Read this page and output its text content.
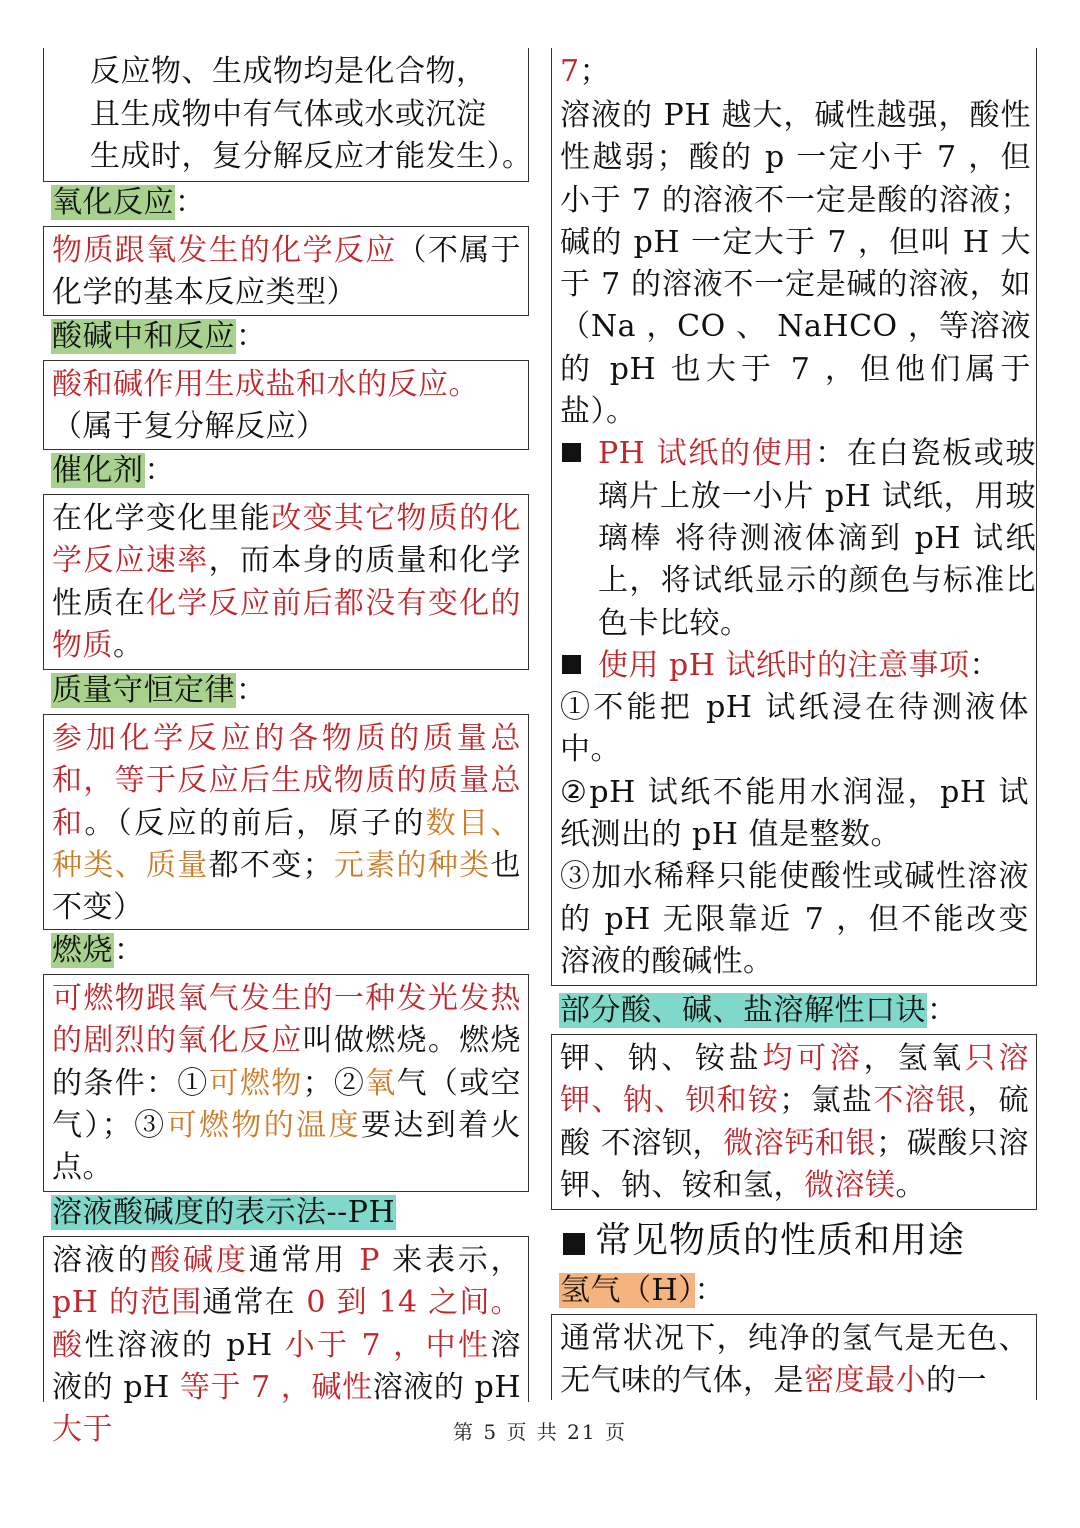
反应物、生成物均是化合物，
且生成物中有气体或水或沉淀
生成时，复分解反应才能发生）。
氧化反应：
物质跟氧发生的化学反应（不属于化学的基本反应类型）
酸碱中和反应：
酸和碱作用生成盐和水的反应。
（属于复分解反应）
催化剂：
在化学变化里能改变其它物质的化学反应速率，而本身的质量和化学性质在化学反应前后都没有变化的物质。
质量守恒定律：
参加化学反应的各物质的质量总和，等于反应后生成物质的质量总和。（反应的前后，原子的数目、种类、质量都不变；元素的种类也不变）
燃烧：
可燃物跟氧气发生的一种发光发热的剧烈的氧化反应叫做燃烧。燃烧的条件：①可燃物；②氧气（或空气）；③可燃物的温度要达到着火点。
溶液酸碱度的表示法--PH
溶液的酸碱度通常用 P 来表示，pH 的范围通常在 0 到 14 之间。酸性溶液的 pH 小于 7 ，中性溶液的 pH 等于 7 ，碱性溶液的 pH 大于
7；
溶液的 PH 越大，碱性越强，酸性性越弱；酸的 p 一定小于 7 ，但小于 7 的溶液不一定是酸的溶液；碱的 pH 一定大于 7 ，但叫 H 大于 7 的溶液不一定是碱的溶液，如（Na ，CO 、 NaHCO ，等溶液的 pH 也大于 7 ，但他们属于盐）。
PH 试纸的使用：在白瓷板或玻璃片上放一小片 pH 试纸，用玻璃棒 将待测液体滴到 pH 试纸上，将试纸显示的颜色与标准比色卡比较。
使用 pH 试纸时的注意事项：
①不能把 pH 试纸浸在待测液体中。
②pH 试纸不能用水润湿，pH 试纸测出的 pH 值是整数。
③加水稀释只能使酸性或碱性溶液的 pH 无限靠近 7 ，但不能改变溶液的酸碱性。
部分酸、碱、盐溶解性口诀：
钾、钠、铵盐均可溶，氢氧只溶钾、钠、钡和铵；氯盐不溶银，硫酸 不溶钡，微溶钙和银；碳酸只溶钾、钠、铵和氢，微溶镁。
常见物质的性质和用途
氢气（H）：
通常状况下，纯净的氢气是无色、无气味的气体，是密度最小的一
第 5 页 共 21 页
